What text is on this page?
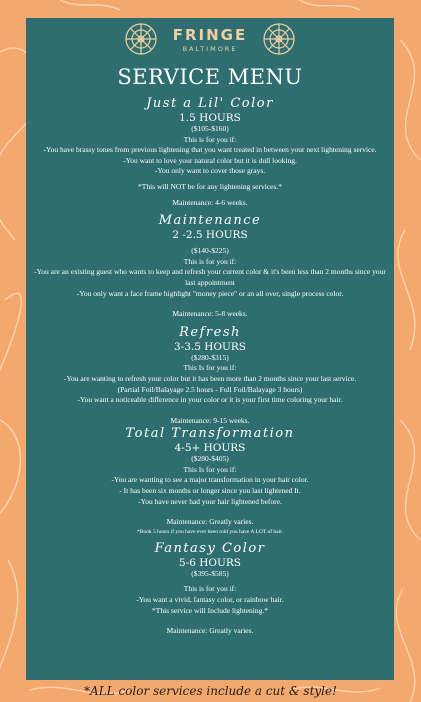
FRINGE
BALTIMORE
SERVICE MENU
Just a Lil' Color
1.5 HOURS
($105-$160)
This is for you if:
-You have brassy tones from previous lightening that you want treated in between your next lightening service.
-You want to love your natural color but it is dull looking.
-You only want to cover those grays.
*This will NOT be for any lightening services.*
Maintenance: 4-6 weeks.
Maintenance
2 -2.5 HOURS
($140-$225)
This is for you if:
-You are an existing guest who wants to keep and refresh your current color & it's been less than 2 months since your last appointment
-You only want a face frame highlight "money piece" or an all over, single process color.
Maintenance: 5-8 weeks.
Refresh
3-3.5 HOURS
($280-$315)
This Is for you if:
-You are wanting to refresh your color but it has been more than 2 months since your last service.
(Partial Foil/Balayage 2.5 hours - Full Foil/Balayage 3 hours)
-You want a noticeable difference in your color or it is your first time coloring your hair.
Maintenance: 9-15 weeks.
Total Transformation
4-5+ HOURS
($280-$405)
This Is for you if:
-You are wanting to see a major transformation in your hair color.
- It has been six months or longer since you last lightened It.
-You have never had your hair lightened before.
Maintenance: Greatly varies.
*Book 5 hours if you have ever been told you have A LOT of hair.
Fantasy Color
5-6 HOURS
($395-$585)
This is for you if:
-You want a vivid, fantasy color, or rainbow hair.
*This service will Include lightening.*
Maintenance: Greatly varies.
*ALL color services include a cut & style!
